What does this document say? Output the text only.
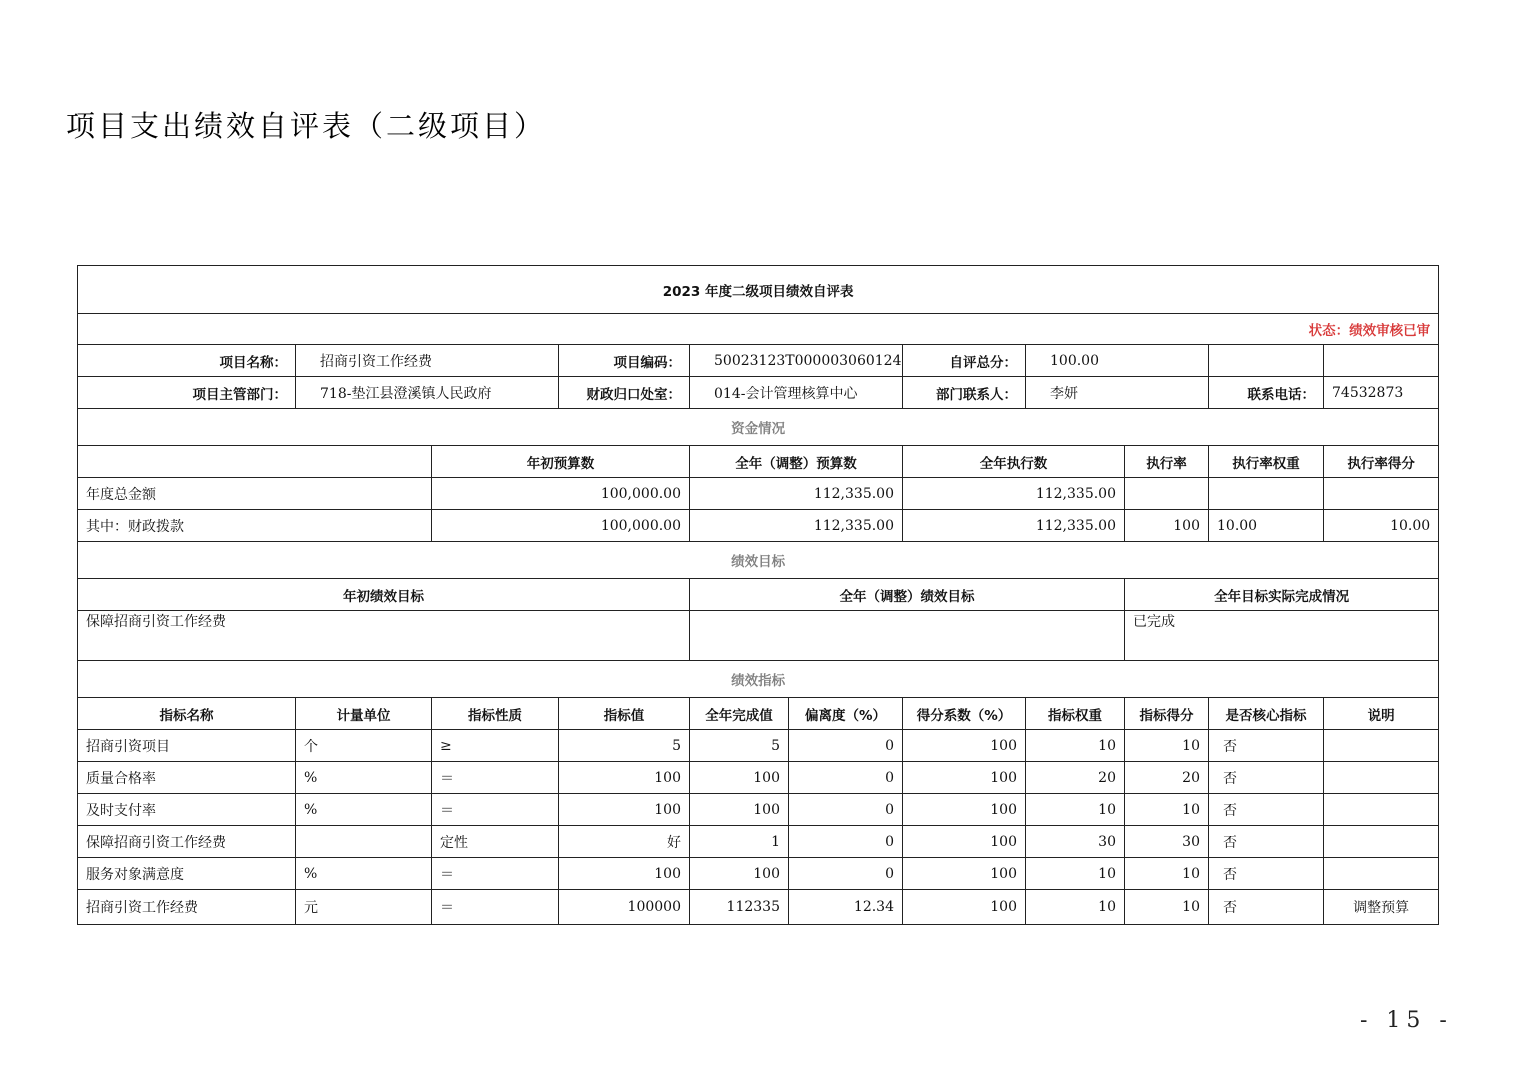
项目支出绩效自评表（二级项目）
2023 年度二级项目绩效自评表										
状态：绩效审核已审										
项目名称：	招商引资工作经费		项目编码：	50023123T000003060124		自评总分：	100.00			
项目主管部门：	718-垫江县澄溪镇人民政府		财政归口处室：	014-会计管理核算中心		部门联系人：	李妍		联系电话：	74532873
资金情况										
		年初预算数		全年（调整）预算数		全年执行数		执行率	执行率权重	执行率得分
年度总金额		100,000.00		112,335.00		112,335.00				
其中：财政拨款		100,000.00		112,335.00		112,335.00		100	10.00	10.00
绩效目标										
年初绩效目标				全年（调整）绩效目标				全年目标实际完成情况		
保障招商引资工作经费								已完成		
绩效指标										
指标名称	计量单位	指标性质	指标值	全年完成值	偏离度（%）	得分系数（%）	指标权重	指标得分	是否核心指标	说明
招商引资项目	个	≥	5	5	0	100	10	10	否	
质量合格率	%	＝	100	100	0	100	20	20	否	
及时支付率	%	＝	100	100	0	100	10	10	否	
保障招商引资工作经费		定性	好	1	0	100	30	30	否	
服务对象满意度	%	＝	100	100	0	100	10	10	否	
招商引资工作经费	元	＝	100000	112335	12.34	100	10	10	否	调整预算
- 15 -
